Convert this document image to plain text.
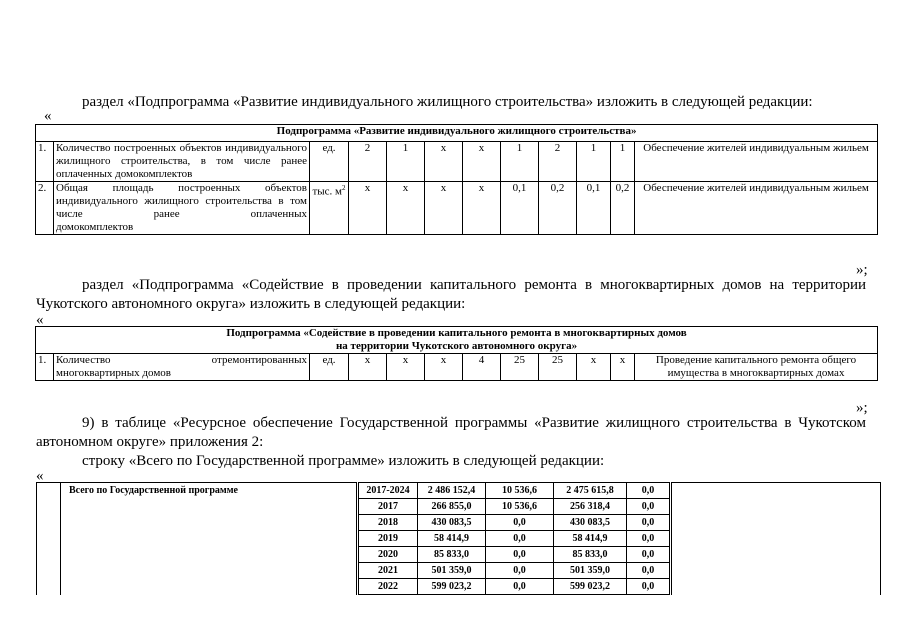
раздел «Подпрограмма «Развитие индивидуального жилищного строительства» изложить в следующей редакции:
«
Подпрограмма «Развитие индивидуального жилищного строительства»											
1.	Количество построенных объектов индивидуального жилищного строительства, в том числе ранее
оплаченных домокомплектов	ед.	2	1	х	х	1	2	1	1	Обеспечение жителей индивидуальным жильем
2.	Общая площадь построенных объектов индивидуального жилищного строительства в том числе ранее оплаченных
домокомплектов	тыс. $м^2$	х	х	х	х	0,1	0,2	0,1	0,2	Обеспечение жителей индивидуальным жильем
»;
раздел «Подпрограмма «Содействие в проведении капитального ремонта в многоквартирных домов на территории
Чукотского автономного округа» изложить в следующей редакции:
«
Подпрограмма «Содействие в проведении капитального ремонта в многоквартирных домов
на территории Чукотского автономного округа»
1.	Количество отремонтированных
многоквартирных домов
	ед.	х	х	х	4	25	25	х	х	Проведение капитального ремонта общего имущества в многоквартирных домах
»;
9) в таблице «Ресурсное обеспечение Государственной программы «Развитие жилищного строительства в Чукотском
автономном округе» приложения 2:
строку «Всего по Государственной программе» изложить в следующей редакции:
«
	Всего по Государственной программе	2017-2024	2 486 152,4	10 536,6	2 475 615,8	0,0	
		2017	266 855,0	10 536,6	256 318,4	0,0	
		2018	430 083,5	0,0	430 083,5	0,0	
		2019	58 414,9	0,0	58 414,9	0,0	
		2020	85 833,0	0,0	85 833,0	0,0	
		2021	501 359,0	0,0	501 359,0	0,0	
		2022	599 023,2	0,0	599 023,2	0,0	
